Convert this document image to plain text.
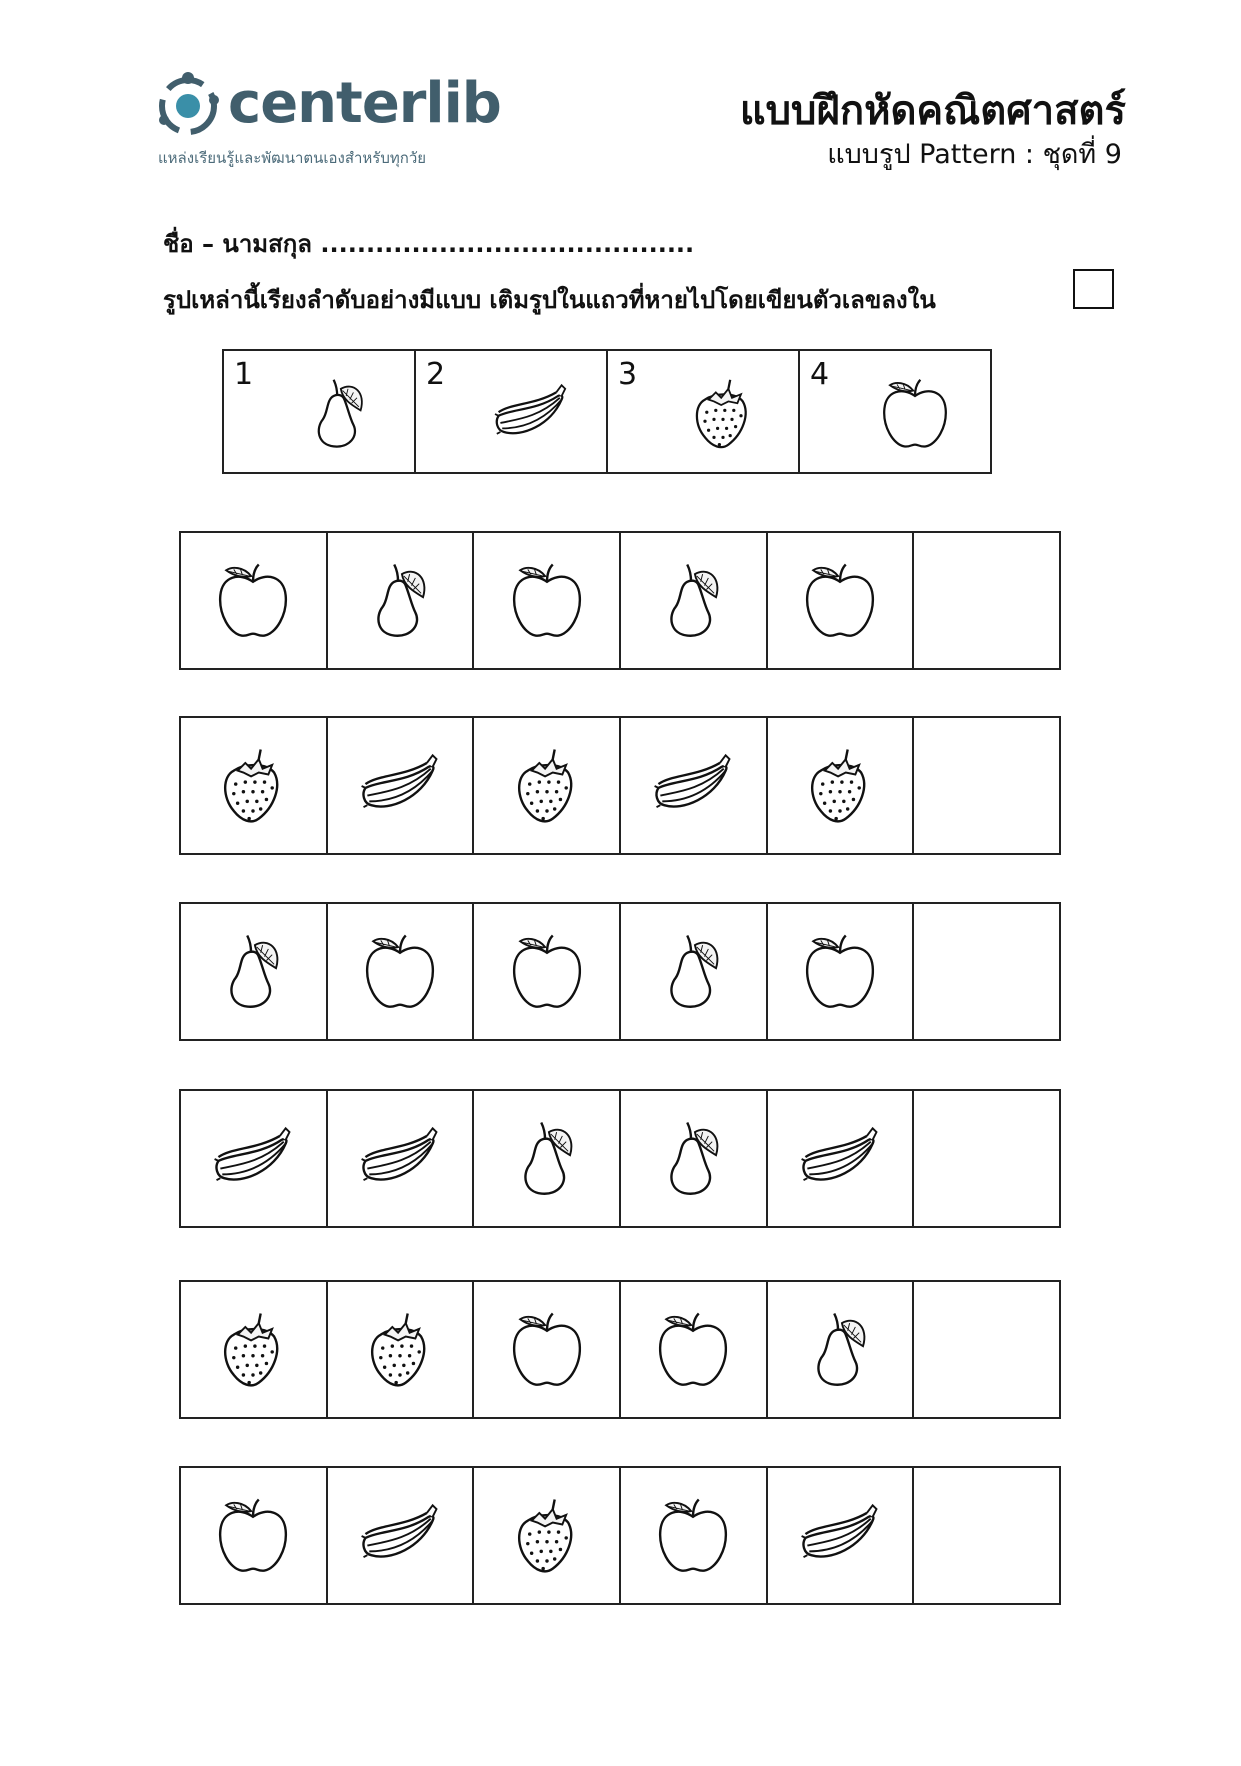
centerlib
แหล่งเรียนรู้และพัฒนาตนเองสำหรับทุกวัย
แบบฝึกหัดคณิตศาสตร์
แบบรูป Pattern : ชุดที่ 9
ชื่อ – นามสกุล .........................................
รูปเหล่านี้เรียงลำดับอย่างมีแบบ เติมรูปในแถวที่หายไปโดยเขียนตัวเลขลงใน
1	2	3	4
